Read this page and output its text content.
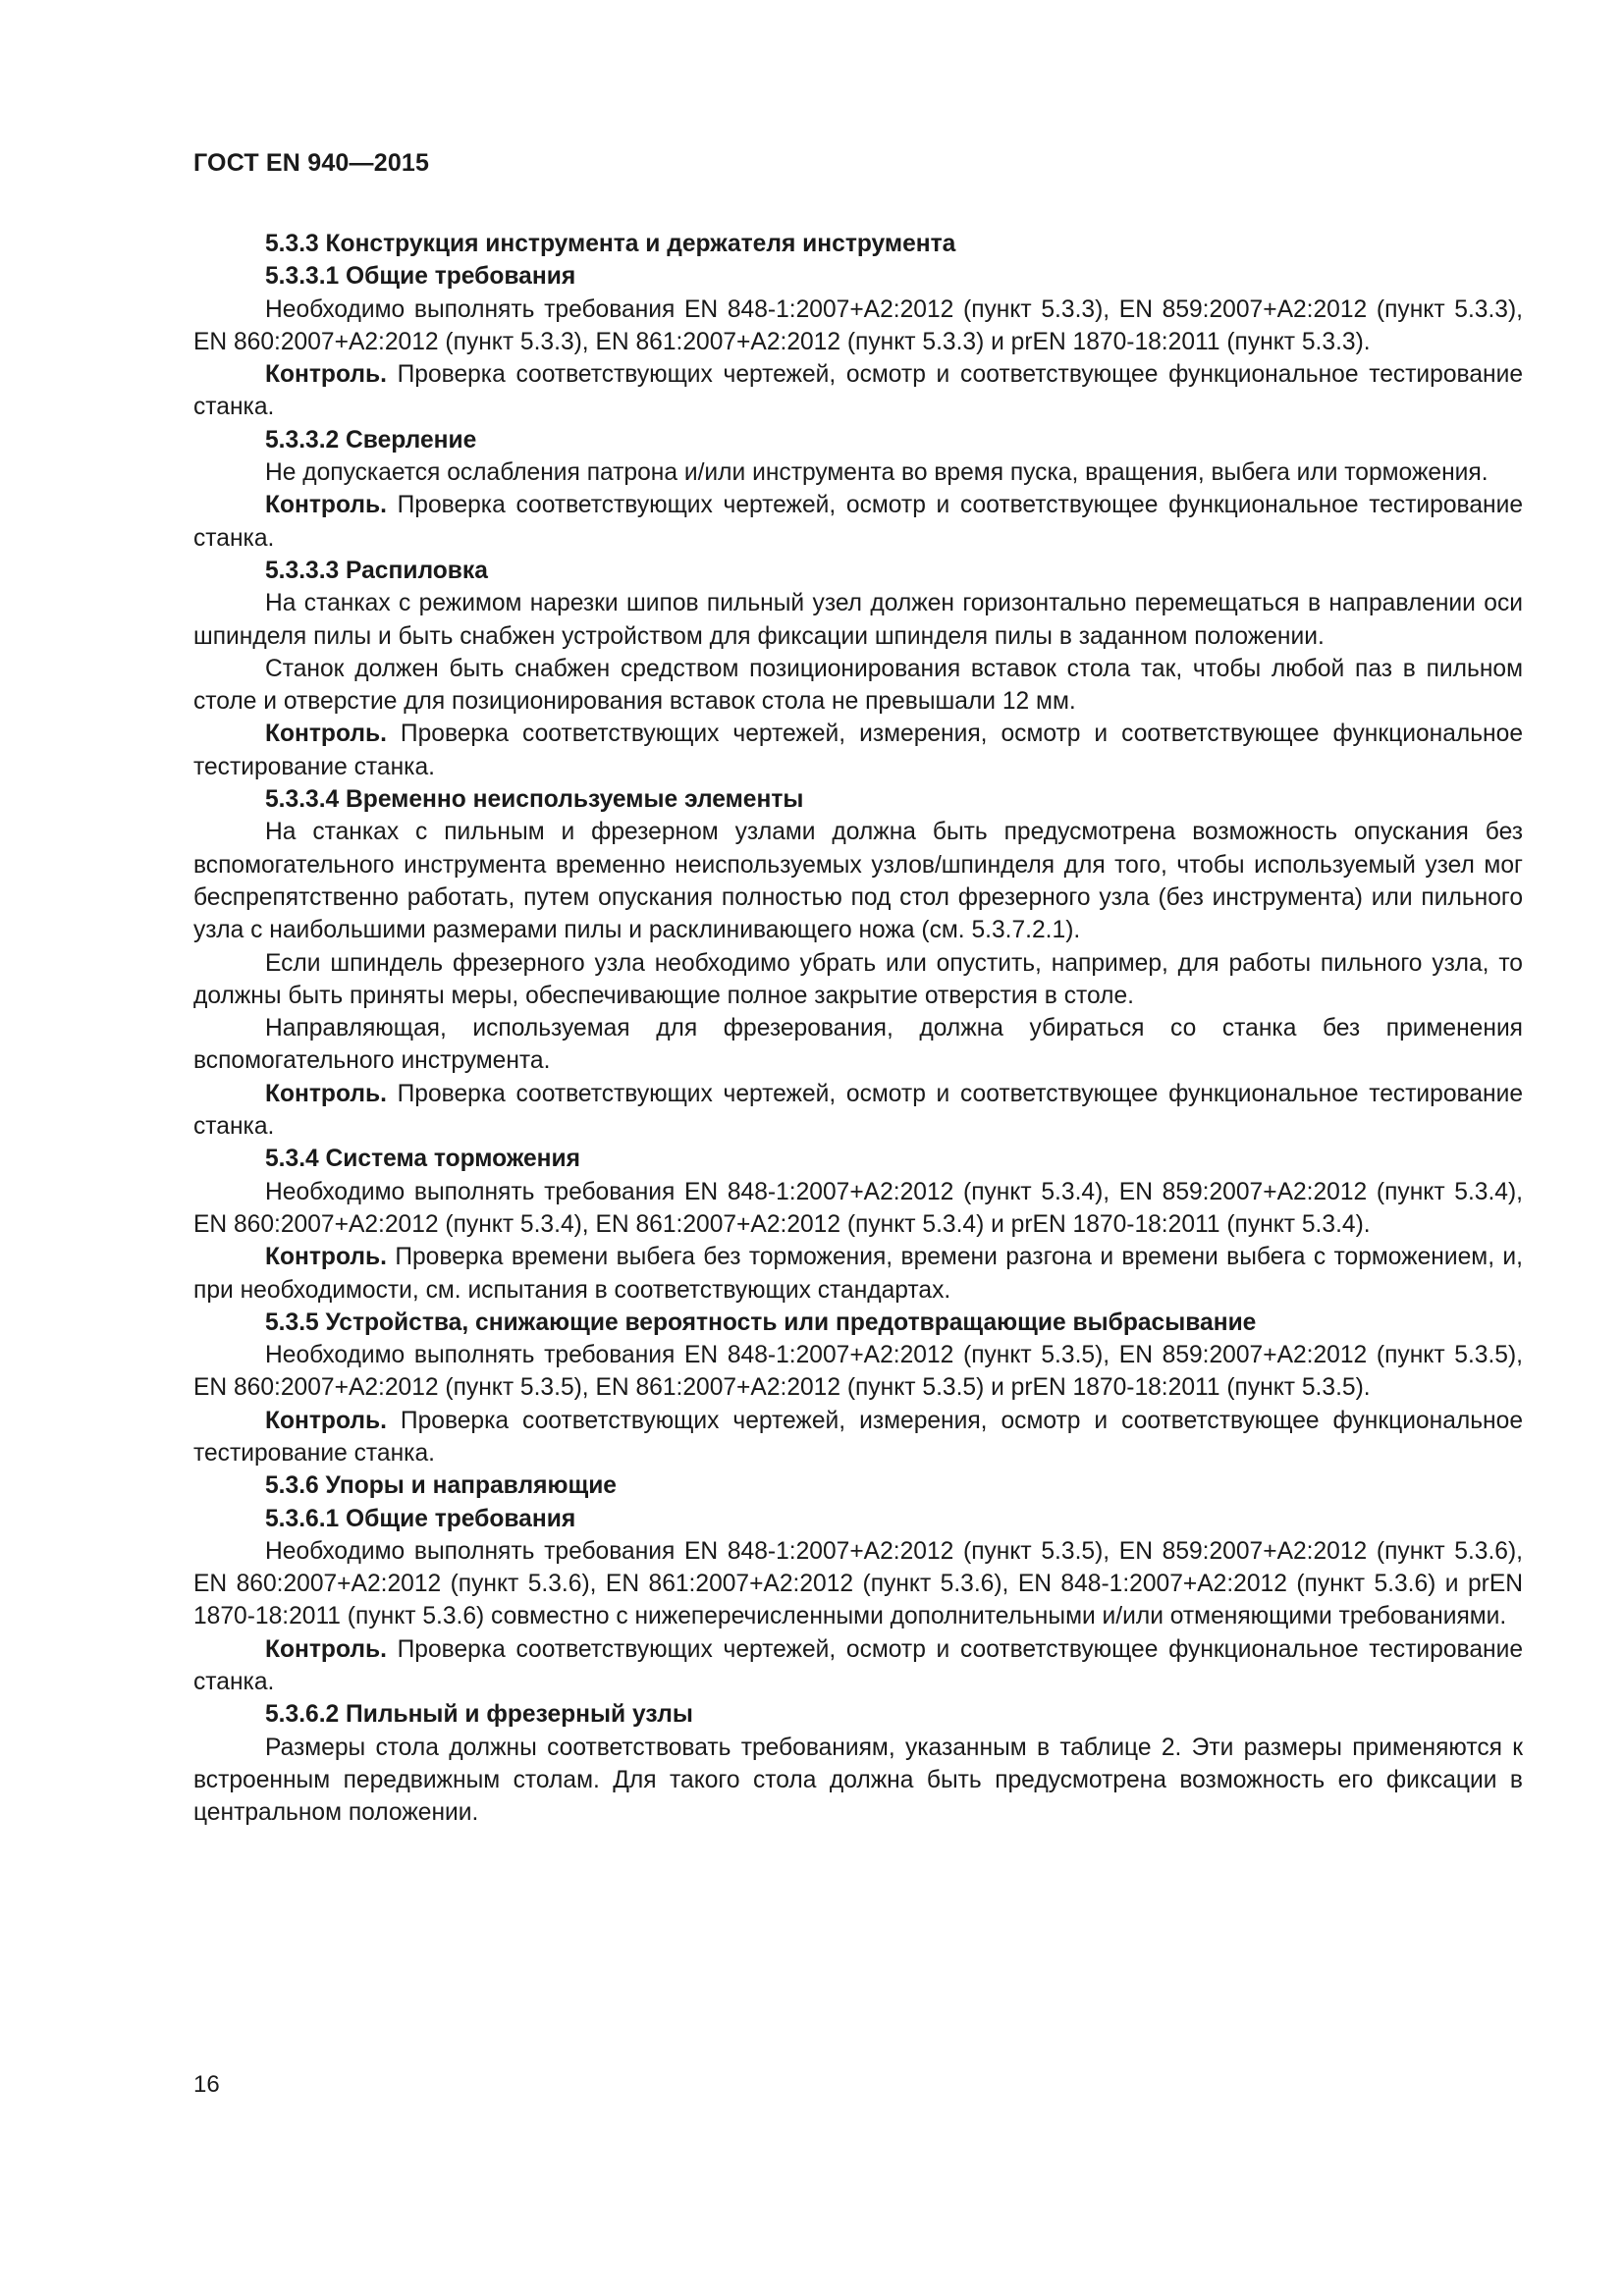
ГОСТ EN 940—2015

5.3.3 Конструкция инструмента и держателя инструмента

5.3.3.1 Общие требования

Необходимо выполнять требования EN 848-1:2007+A2:2012 (пункт 5.3.3), EN 859:2007+A2:2012 (пункт 5.3.3), EN 860:2007+A2:2012 (пункт 5.3.3), EN 861:2007+A2:2012 (пункт 5.3.3) и prEN 1870-18:2011 (пункт 5.3.3).

Контроль. Проверка соответствующих чертежей, осмотр и соответствующее функциональное тестирование станка.

5.3.3.2 Сверление

Не допускается ослабления патрона и/или инструмента во время пуска, вращения, выбега или торможения.

Контроль. Проверка соответствующих чертежей, осмотр и соответствующее функциональное тестирование станка.

5.3.3.3 Распиловка

На станках с режимом нарезки шипов пильный узел должен горизонтально перемещаться в направлении оси шпинделя пилы и быть снабжен устройством для фиксации шпинделя пилы в заданном положении.

Станок должен быть снабжен средством позиционирования вставок стола так, чтобы любой паз в пильном столе и отверстие для позиционирования вставок стола не превышали 12 мм.

Контроль. Проверка соответствующих чертежей, измерения, осмотр и соответствующее функциональное тестирование станка.

5.3.3.4 Временно неиспользуемые элементы

На станках с пильным и фрезерном узлами должна быть предусмотрена возможность опускания без вспомогательного инструмента временно неиспользуемых узлов/шпинделя для того, чтобы используемый узел мог беспрепятственно работать, путем опускания полностью под стол фрезерного узла (без инструмента) или пильного узла с наибольшими размерами пилы и расклинивающего ножа (см. 5.3.7.2.1).

Если шпиндель фрезерного узла необходимо убрать или опустить, например, для работы пильного узла, то должны быть приняты меры, обеспечивающие полное закрытие отверстия в столе.

Направляющая, используемая для фрезерования, должна убираться со станка без применения вспомогательного инструмента.

Контроль. Проверка соответствующих чертежей, осмотр и соответствующее функциональное тестирование станка.

5.3.4 Система торможения

Необходимо выполнять требования EN 848-1:2007+A2:2012 (пункт 5.3.4), EN 859:2007+A2:2012 (пункт 5.3.4), EN 860:2007+A2:2012 (пункт 5.3.4), EN 861:2007+A2:2012 (пункт 5.3.4) и prEN 1870-18:2011 (пункт 5.3.4).

Контроль. Проверка времени выбега без торможения, времени разгона и времени выбега с торможением, и, при необходимости, см. испытания в соответствующих стандартах.

5.3.5 Устройства, снижающие вероятность или предотвращающие выбрасывание

Необходимо выполнять требования EN 848-1:2007+A2:2012 (пункт 5.3.5), EN 859:2007+A2:2012 (пункт 5.3.5), EN 860:2007+A2:2012 (пункт 5.3.5), EN 861:2007+A2:2012 (пункт 5.3.5) и prEN 1870-18:2011 (пункт 5.3.5).

Контроль. Проверка соответствующих чертежей, измерения, осмотр и соответствующее функциональное тестирование станка.

5.3.6 Упоры и направляющие

5.3.6.1 Общие требования

Необходимо выполнять требования EN 848-1:2007+A2:2012 (пункт 5.3.5), EN 859:2007+A2:2012 (пункт 5.3.6), EN 860:2007+A2:2012 (пункт 5.3.6), EN 861:2007+A2:2012 (пункт 5.3.6), EN 848-1:2007+A2:2012 (пункт 5.3.6) и prEN 1870-18:2011 (пункт 5.3.6) совместно с нижеперечисленными дополнительными и/или отменяющими требованиями.

Контроль. Проверка соответствующих чертежей, осмотр и соответствующее функциональное тестирование станка.

5.3.6.2 Пильный и фрезерный узлы

Размеры стола должны соответствовать требованиям, указанным в таблице 2. Эти размеры применяются к встроенным передвижным столам. Для такого стола должна быть предусмотрена возможность его фиксации в центральном положении.

16
